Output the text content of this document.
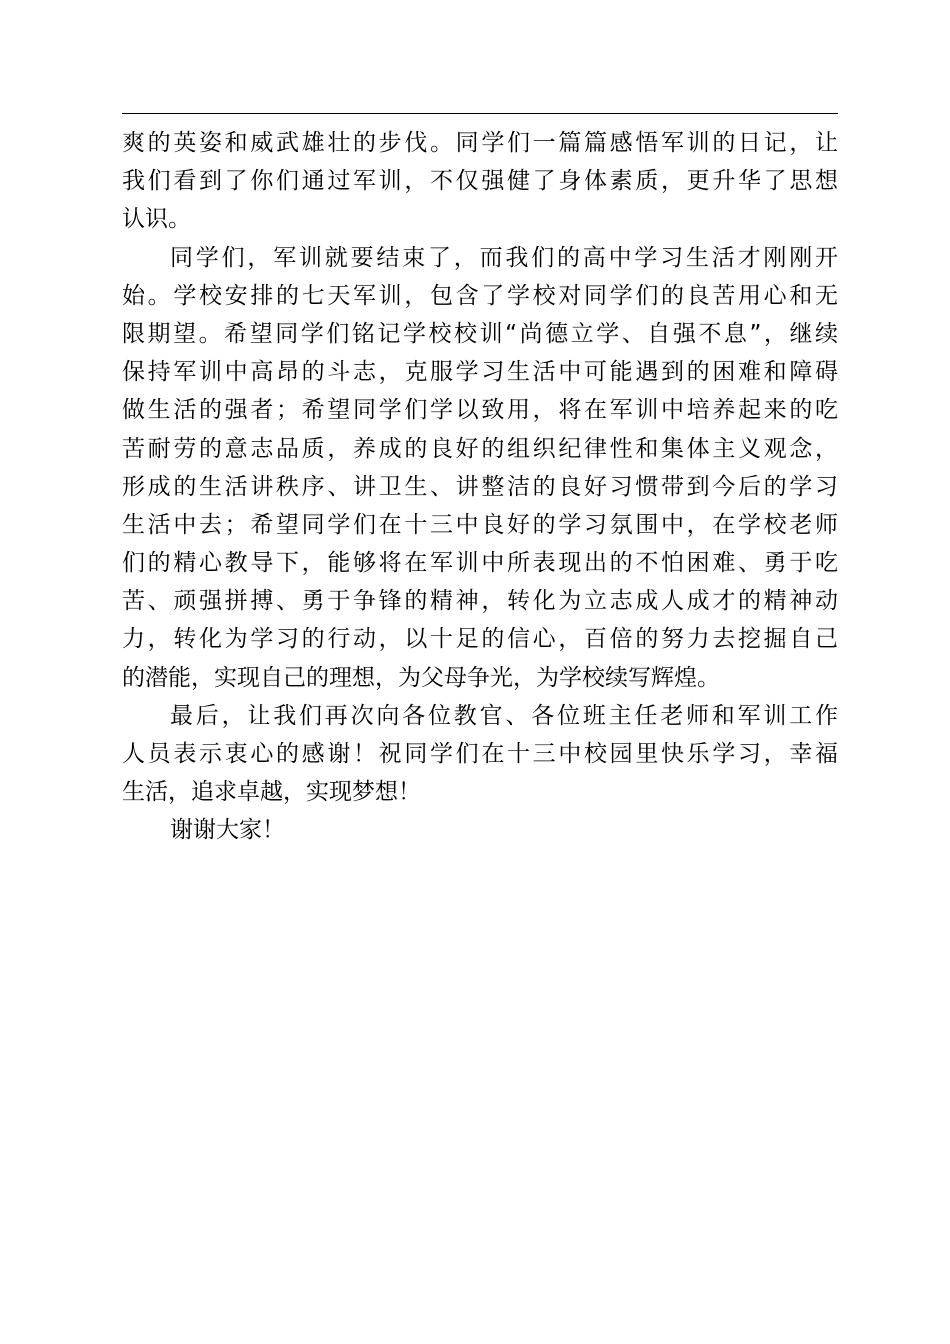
爽的英姿和威武雄壮的步伐。同学们一篇篇感悟军训的日记，让
我们看到了你们通过军训，不仅强健了身体素质，更升华了思想
认识。
同学们，军训就要结束了，而我们的高中学习生活才刚刚开
始。学校安排的七天军训，包含了学校对同学们的良苦用心和无
限期望。希望同学们铭记学校校训“尚德立学、自强不息”，继续
保持军训中高昂的斗志，克服学习生活中可能遇到的困难和障碍
做生活的强者；希望同学们学以致用，将在军训中培养起来的吃
苦耐劳的意志品质，养成的良好的组织纪律性和集体主义观念，
形成的生活讲秩序、讲卫生、讲整洁的良好习惯带到今后的学习
生活中去；希望同学们在十三中良好的学习氛围中，在学校老师
们的精心教导下，能够将在军训中所表现出的不怕困难、勇于吃
苦、顽强拼搏、勇于争锋的精神，转化为立志成人成才的精神动
力，转化为学习的行动，以十足的信心，百倍的努力去挖掘自己
的潜能，实现自己的理想，为父母争光，为学校续写辉煌。
最后，让我们再次向各位教官、各位班主任老师和军训工作
人员表示衷心的感谢！祝同学们在十三中校园里快乐学习，幸福
生活，追求卓越，实现梦想！
谢谢大家！
